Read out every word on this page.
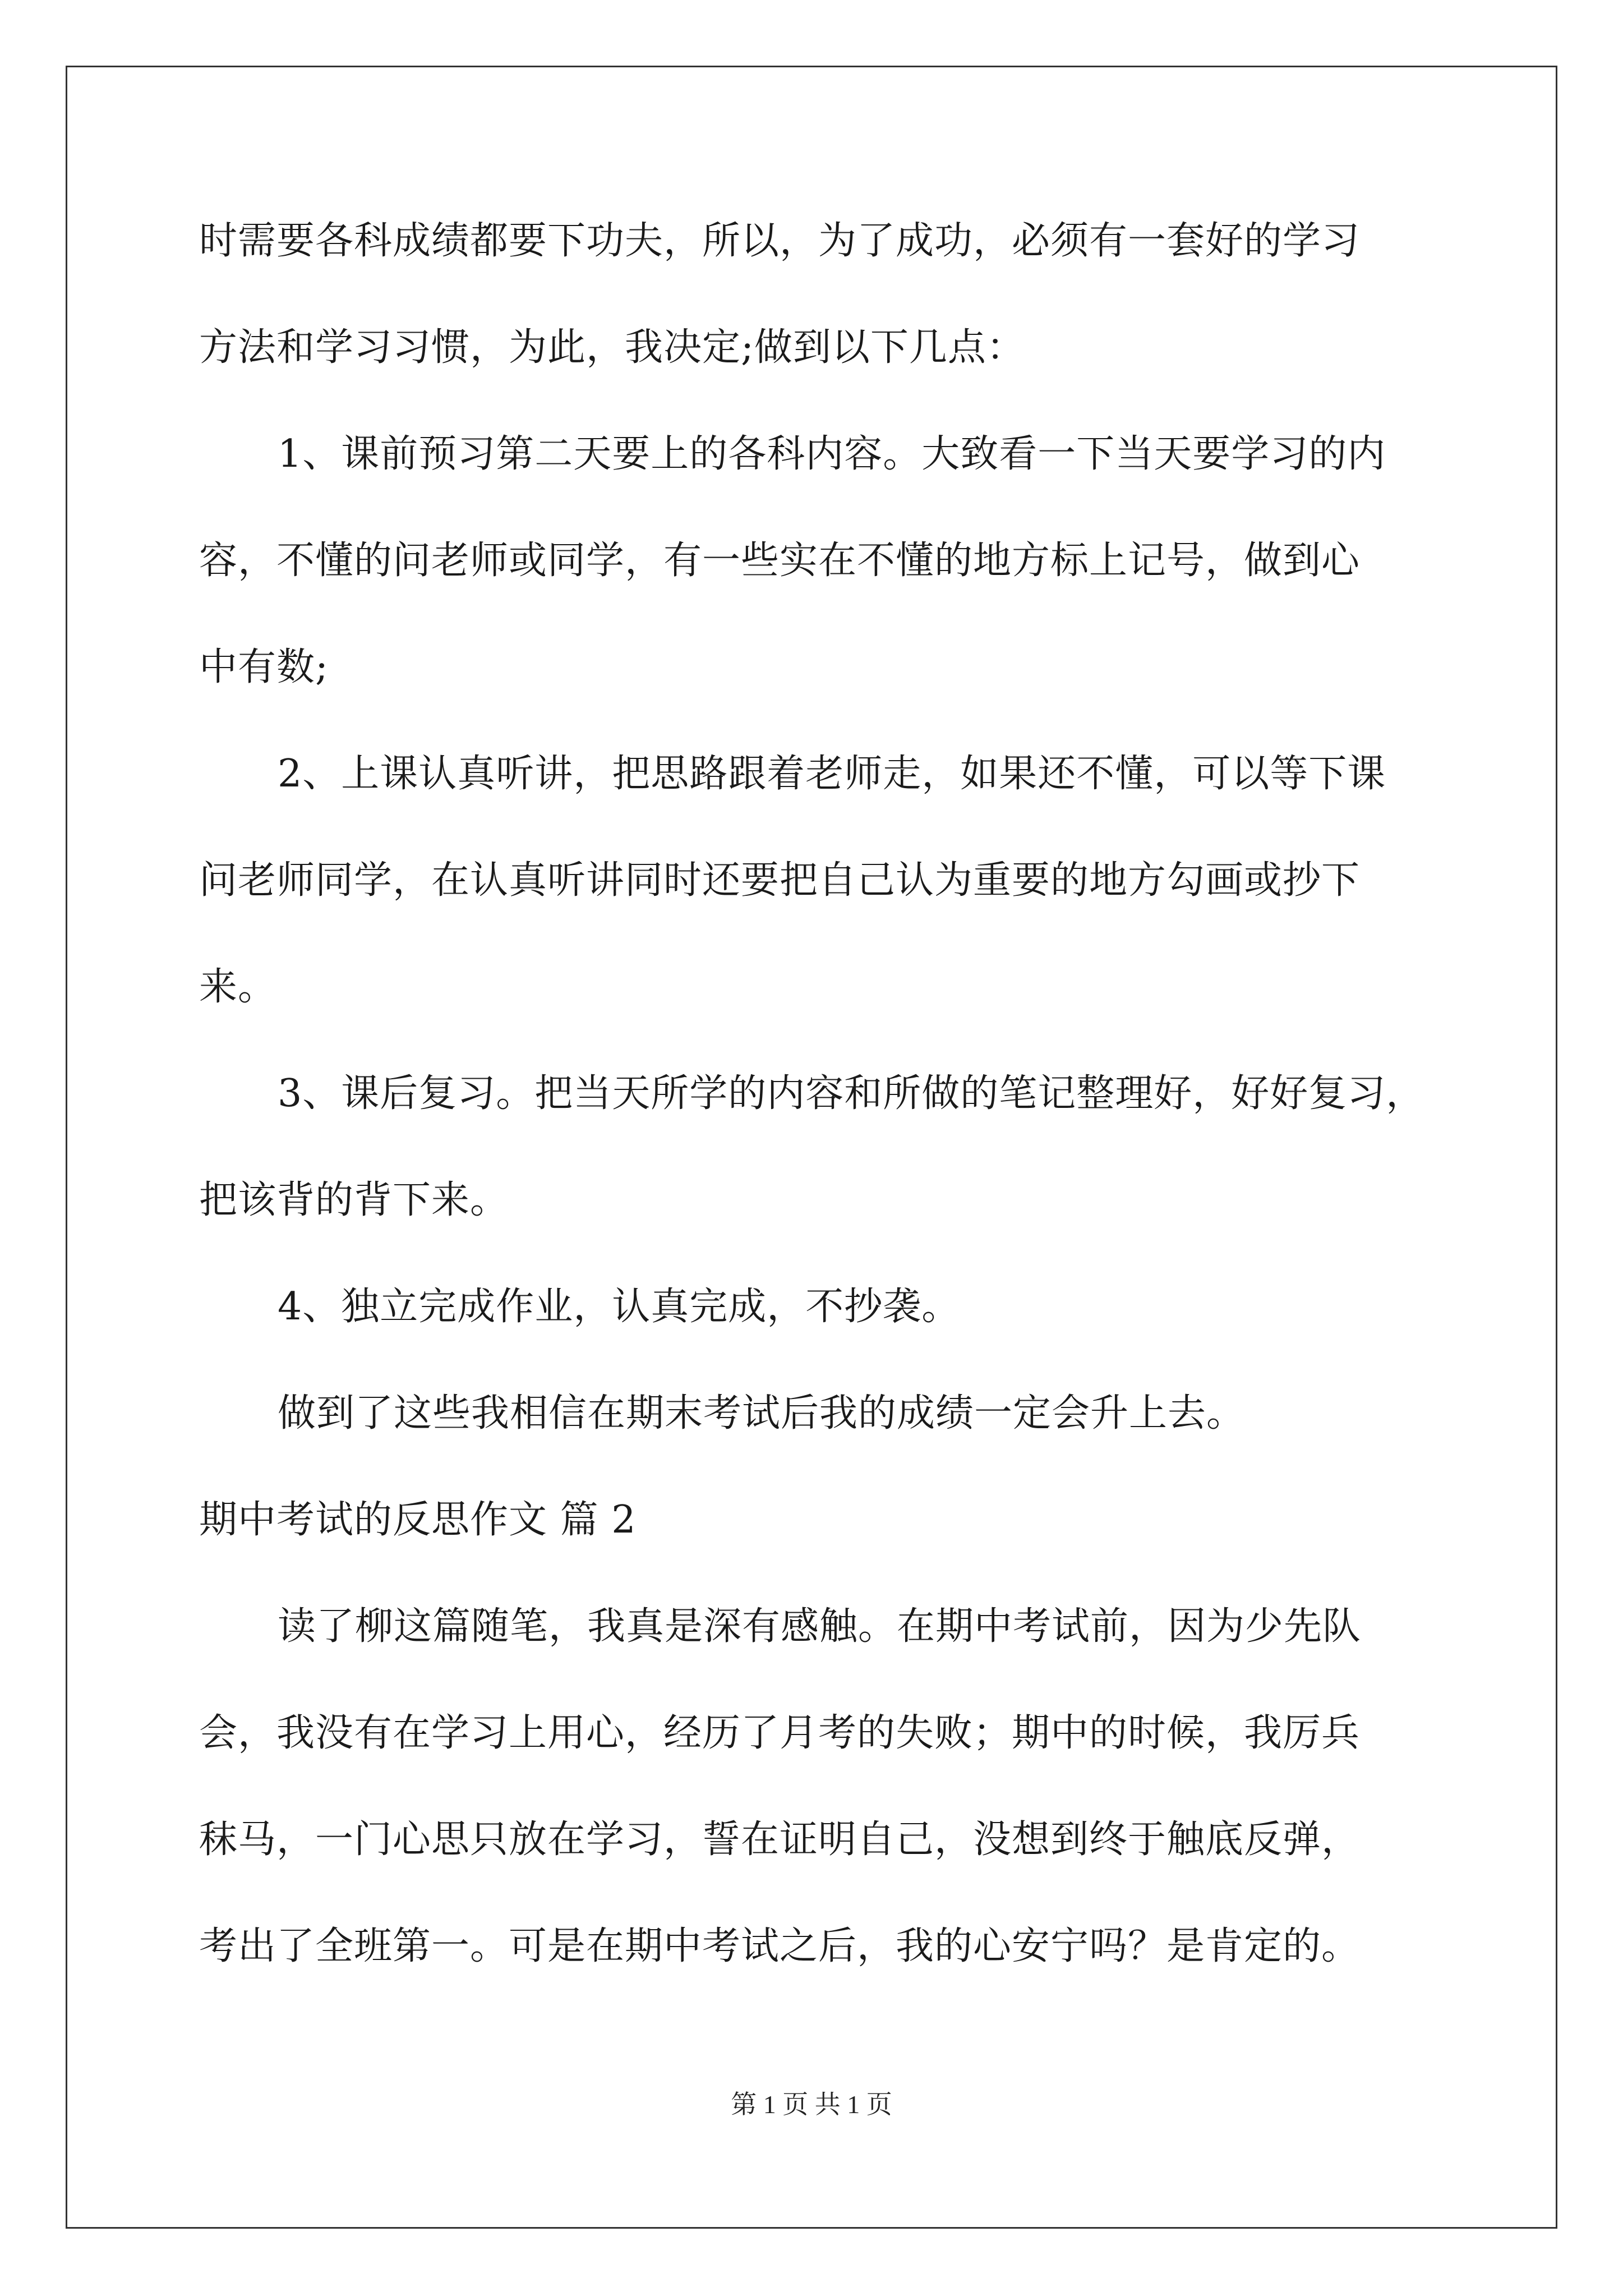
时需要各科成绩都要下功夫，所以，为了成功，必须有一套好的学习
方法和学习习惯，为此，我决定;做到以下几点：
1、课前预习第二天要上的各科内容。大致看一下当天要学习的内
容，不懂的问老师或同学，有一些实在不懂的地方标上记号，做到心
中有数;
2、上课认真听讲，把思路跟着老师走，如果还不懂，可以等下课
问老师同学，在认真听讲同时还要把自己认为重要的地方勾画或抄下
来。
3、课后复习。把当天所学的内容和所做的笔记整理好，好好复习，
把该背的背下来。
4、独立完成作业，认真完成，不抄袭。
做到了这些我相信在期末考试后我的成绩一定会升上去。
期中考试的反思作文 篇 2
读了柳这篇随笔，我真是深有感触。在期中考试前，因为少先队
会，我没有在学习上用心，经历了月考的失败；期中的时候，我厉兵
秣马，一门心思只放在学习，誓在证明自己，没想到终于触底反弹，
考出了全班第一。可是在期中考试之后，我的心安宁吗？是肯定的。
第 1 页 共 1 页
